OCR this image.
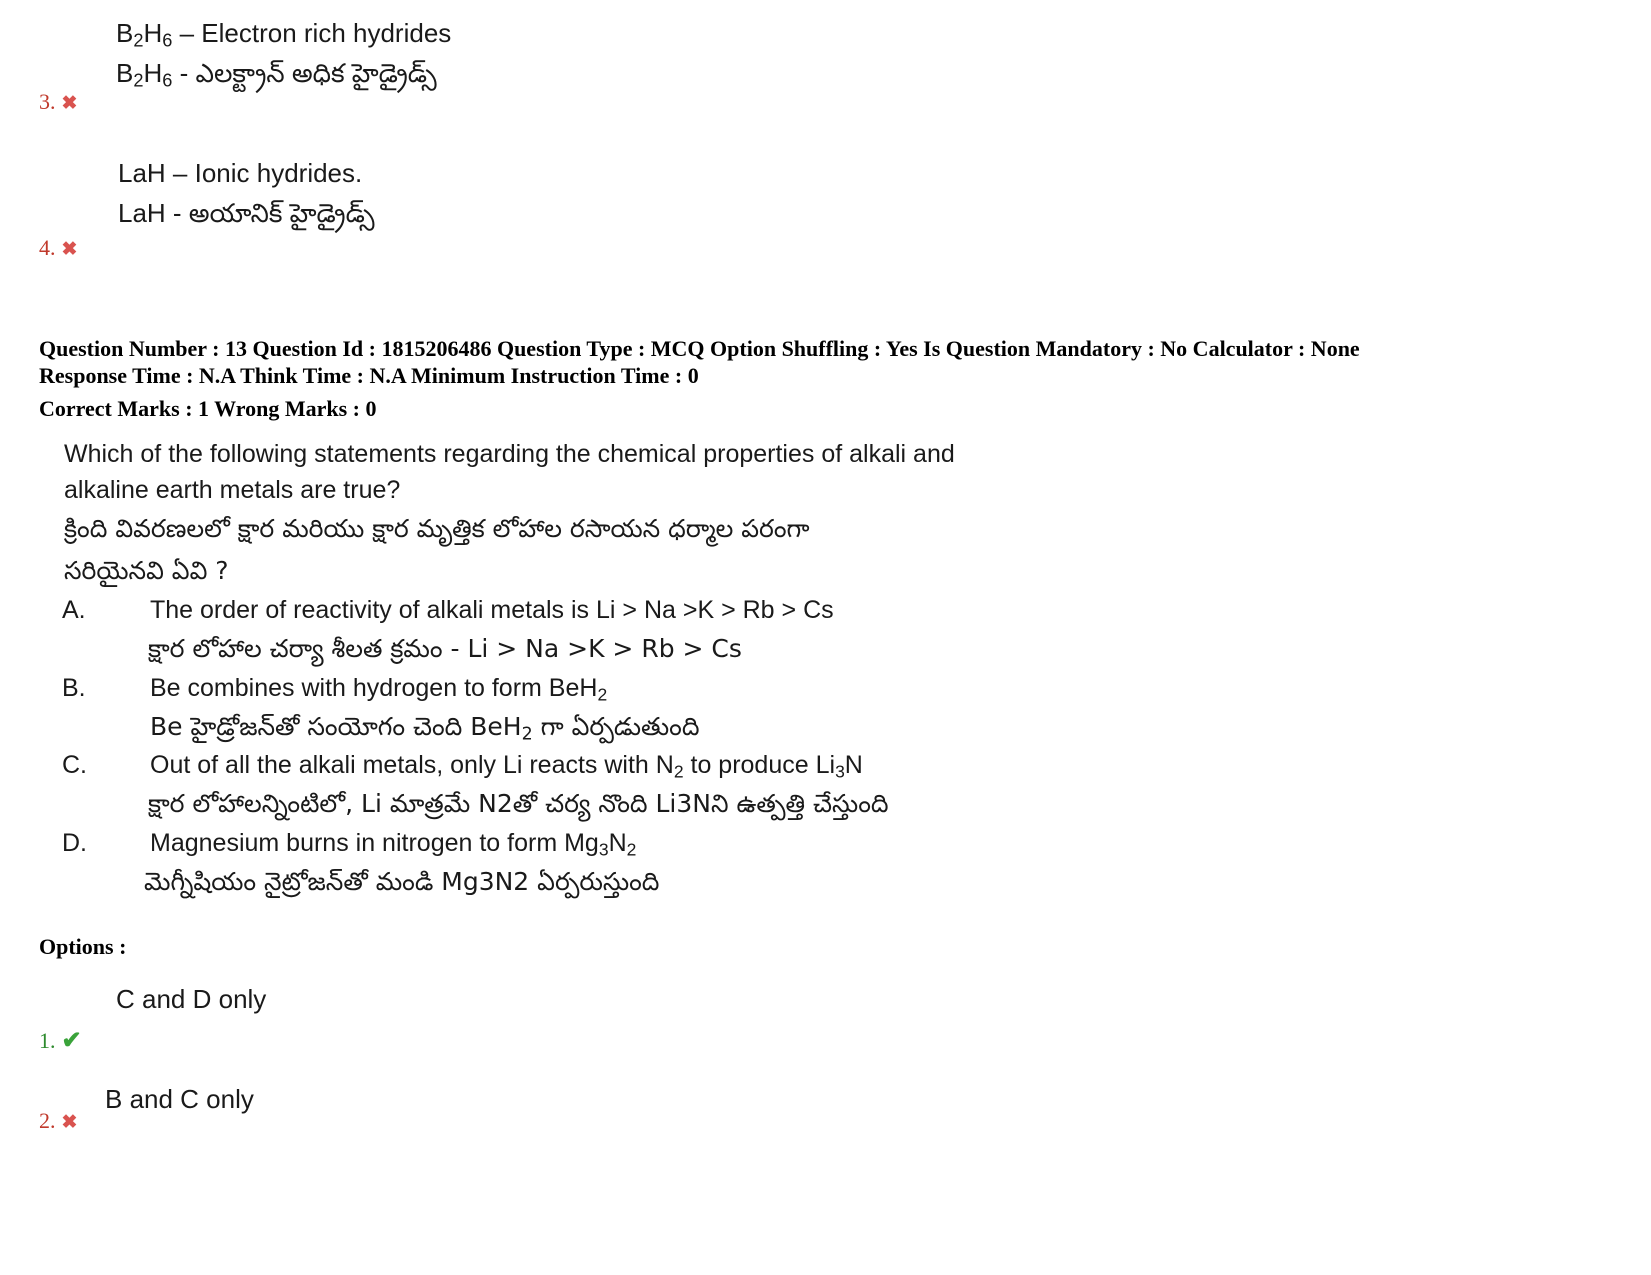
$B_2H_6$ – Electron rich hydrides
$B_2H_6$ - ఎలక్ట్రాన్ అధిక హైడ్రైడ్స్
3. ✖
LaH – Ionic hydrides.
LaH - అయానిక్ హైడ్రైడ్స్
4. ✖
Question Number : 13 Question Id : 1815206486 Question Type : MCQ Option Shuffling : Yes Is Question Mandatory : No Calculator : None
Response Time : N.A Think Time : N.A Minimum Instruction Time : 0
Correct Marks : 1 Wrong Marks : 0
Which of the following statements regarding the chemical properties of alkali and
alkaline earth metals are true?
క్రింది వివరణలలో క్షార మరియు క్షార మృత్తిక లోహాల రసాయన ధర్మాల పరంగా
సరియైనవి ఏవి ?
A.	The order of reactivity of alkali metals is Li > Na >K > Rb > Cs
క్షార లోహాల చర్యా శీలత క్రమం - Li > Na >K > Rb > Cs
B.	Be combines with hydrogen to form BeH$_2$
Be హైడ్రోజన్‌తో సంయోగం చెంది BeH$_2$ గా ఏర్పడుతుంది
C.	Out of all the alkali metals, only Li reacts with $N_2$ to produce $Li_3N$
క్షార లోహాలన్నింటిలో, Li మాత్రమే N2తో చర్య నొంది Li3Nని ఉత్పత్తి చేస్తుంది
D.	Magnesium burns in nitrogen to form $Mg_3N_2$
మెగ్నీషియం నైట్రోజన్‌తో మండి Mg3N2 ఏర్పరుస్తుంది
Options :
C and D only
1. ✔
B and C only
2. ✖
